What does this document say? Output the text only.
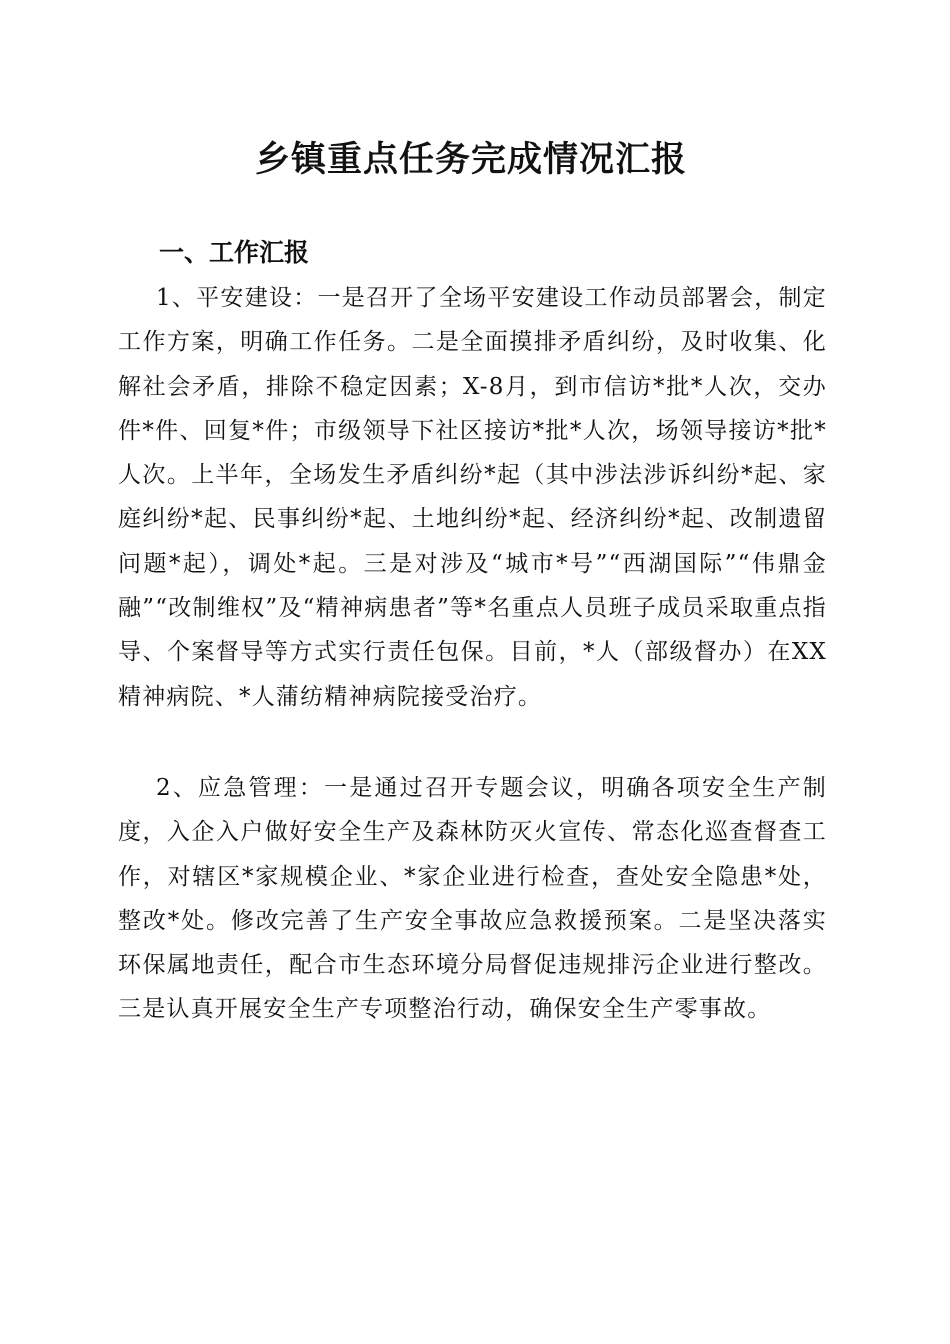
乡镇重点任务完成情况汇报
一、工作汇报

1、平安建设：一是召开了全场平安建设工作动员部署会，制定工作方案，明确工作任务。二是全面摸排矛盾纠纷，及时收集、化解社会矛盾，排除不稳定因素；X-8月，到市信访*批*人次，交办件*件、回复*件；市级领导下社区接访*批*人次，场领导接访*批*人次。上半年，全场发生矛盾纠纷*起（其中涉法涉诉纠纷*起、家庭纠纷*起、民事纠纷*起、土地纠纷*起、经济纠纷*起、改制遗留问题*起），调处*起。三是对涉及“城市*号”“西湖国际”“伟鼎金融”“改制维权”及“精神病患者”等*名重点人员班子成员采取重点指导、个案督导等方式实行责任包保。目前，*人（部级督办）在XX精神病院、*人蒲纺精神病院接受治疗。

2、应急管理：一是通过召开专题会议，明确各项安全生产制度，入企入户做好安全生产及森林防灭火宣传、常态化巡查督查工作，对辖区*家规模企业、*家企业进行检查，查处安全隐患*处，整改*处。修改完善了生产安全事故应急救援预案。二是坚决落实环保属地责任，配合市生态环境分局督促违规排污企业进行整改。三是认真开展安全生产专项整治行动，确保安全生产零事故。
